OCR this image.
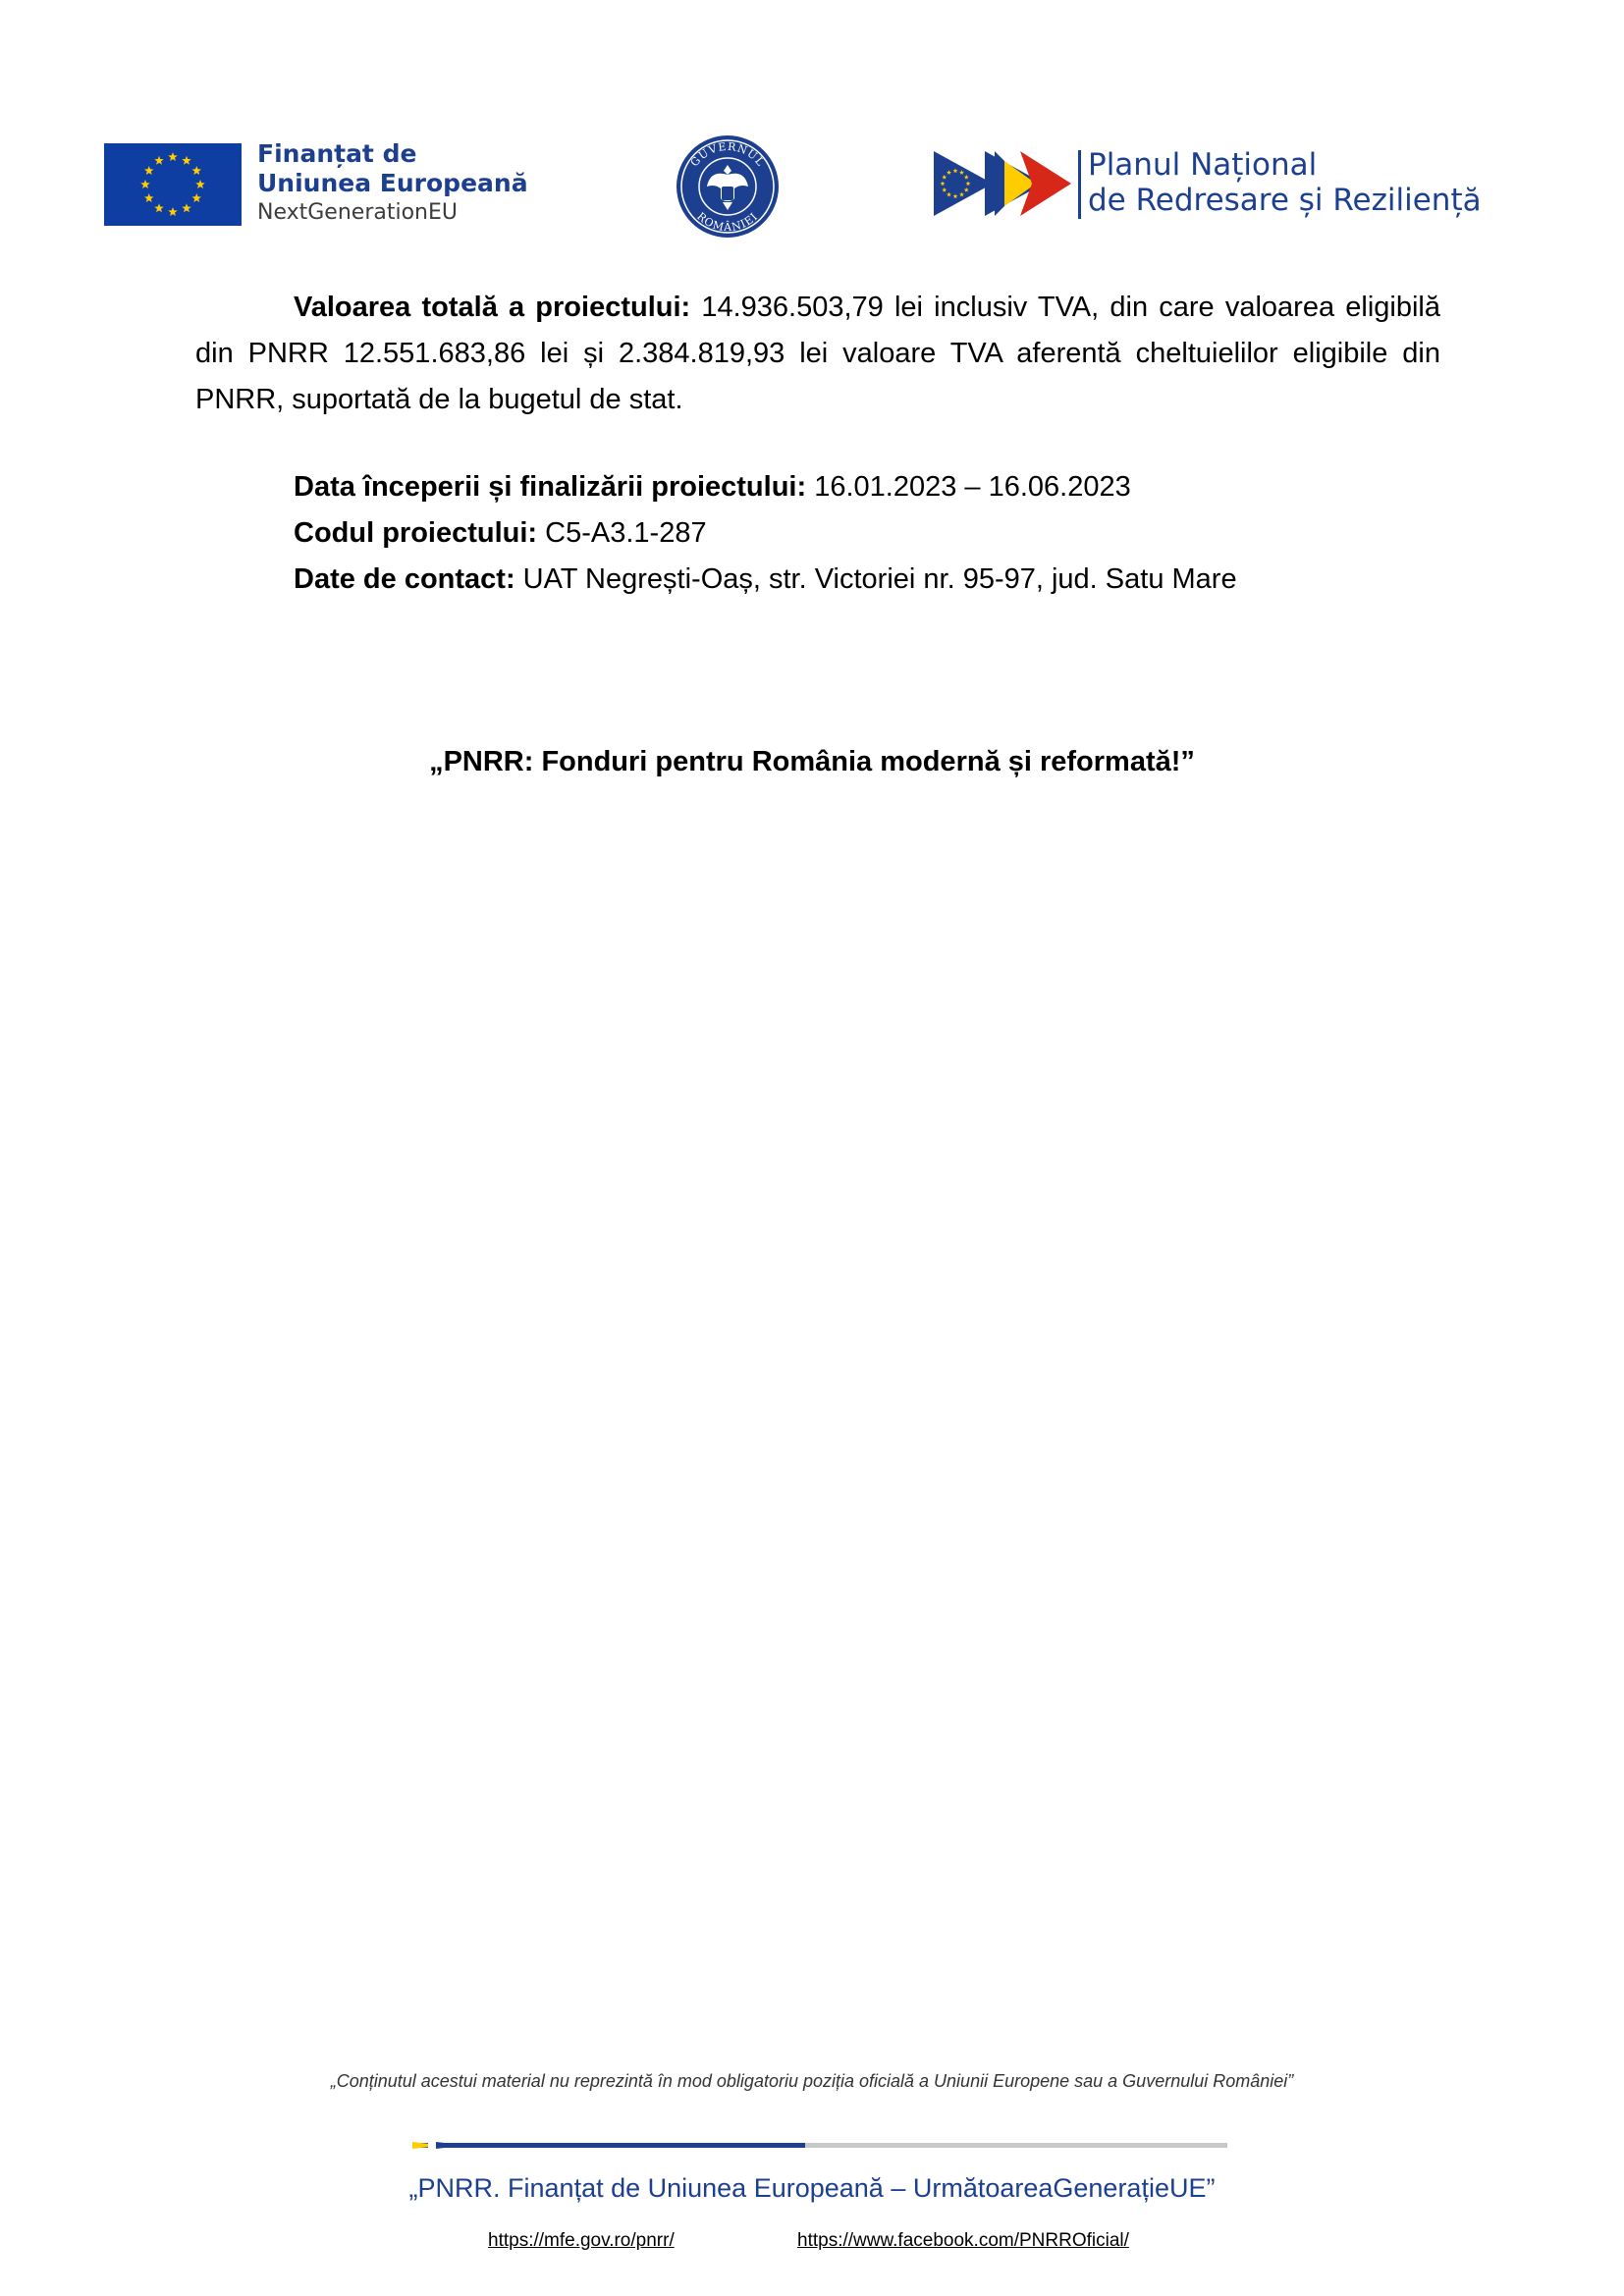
Finanțat de
Uniunea Europeană
NextGenerationEU
GUVERNUL
ROMÂNIEI
Planul Național
de Redresare și Reziliență
Valoarea totală a proiectului: 14.936.503,79 lei inclusiv TVA, din care valoarea eligibilă din PNRR 12.551.683,86 lei și 2.384.819,93 lei valoare TVA aferentă cheltuielilor eligibile din PNRR, suportată de la bugetul de stat.
Data începerii și finalizării proiectului: 16.01.2023 – 16.06.2023
Codul proiectului: C5-A3.1-287
Date de contact: UAT Negrești-Oaș, str. Victoriei nr. 95-97, jud. Satu Mare
„PNRR: Fonduri pentru România modernă și reformată!”
„Conținutul acestui material nu reprezintă în mod obligatoriu poziția oficială a Uniunii Europene sau a Guvernului României”
„PNRR. Finanțat de Uniunea Europeană – UrmătoareaGenerațieUE”
https://mfe.gov.ro/pnrr/	https://www.facebook.com/PNRROficial/
